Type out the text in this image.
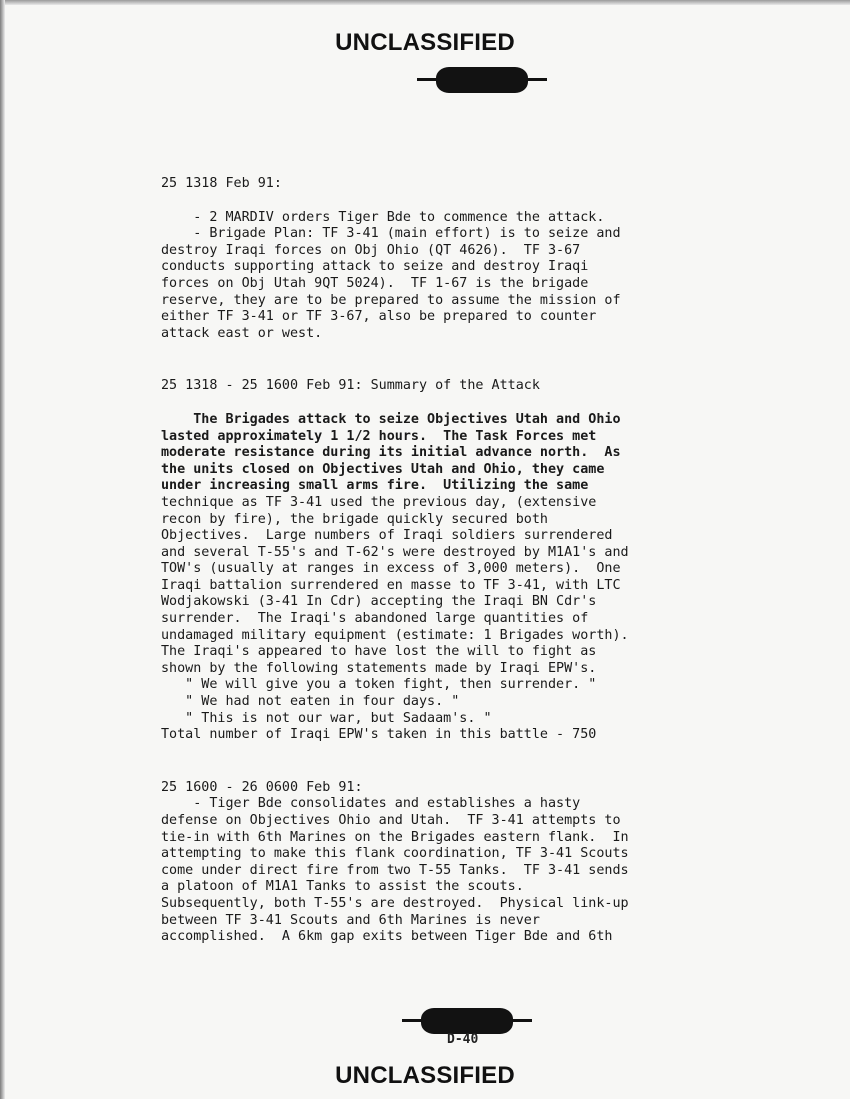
UNCLASSIFIED
25 1318 Feb 91:
- 2 MARDIV orders Tiger Bde to commence the attack.
- Brigade Plan: TF 3-41 (main effort) is to seize and
destroy Iraqi forces on Obj Ohio (QT 4626).  TF 3-67
conducts supporting attack to seize and destroy Iraqi
forces on Obj Utah 9QT 5024).  TF 1-67 is the brigade
reserve, they are to be prepared to assume the mission of
either TF 3-41 or TF 3-67, also be prepared to counter
attack east or west.
25 1318 - 25 1600 Feb 91: Summary of the Attack
The Brigades attack to seize Objectives Utah and Ohio
lasted approximately 1 1/2 hours.  The Task Forces met
moderate resistance during its initial advance north.  As
the units closed on Objectives Utah and Ohio, they came
under increasing small arms fire.  Utilizing the same
technique as TF 3-41 used the previous day, (extensive
recon by fire), the brigade quickly secured both
Objectives.  Large numbers of Iraqi soldiers surrendered
and several T-55's and T-62's were destroyed by M1A1's and
TOW's (usually at ranges in excess of 3,000 meters).  One
Iraqi battalion surrendered en masse to TF 3-41, with LTC
Wodjakowski (3-41 In Cdr) accepting the Iraqi BN Cdr's
surrender.  The Iraqi's abandoned large quantities of
undamaged military equipment (estimate: 1 Brigades worth).
The Iraqi's appeared to have lost the will to fight as
shown by the following statements made by Iraqi EPW's.
" We will give you a token fight, then surrender. "
" We had not eaten in four days. "
" This is not our war, but Sadaam's. "
Total number of Iraqi EPW's taken in this battle - 750
25 1600 - 26 0600 Feb 91:
- Tiger Bde consolidates and establishes a hasty
defense on Objectives Ohio and Utah.  TF 3-41 attempts to
tie-in with 6th Marines on the Brigades eastern flank.  In
attempting to make this flank coordination, TF 3-41 Scouts
come under direct fire from two T-55 Tanks.  TF 3-41 sends
a platoon of M1A1 Tanks to assist the scouts.
Subsequently, both T-55's are destroyed.  Physical link-up
between TF 3-41 Scouts and 6th Marines is never
accomplished.  A 6km gap exits between Tiger Bde and 6th
D-40
UNCLASSIFIED
